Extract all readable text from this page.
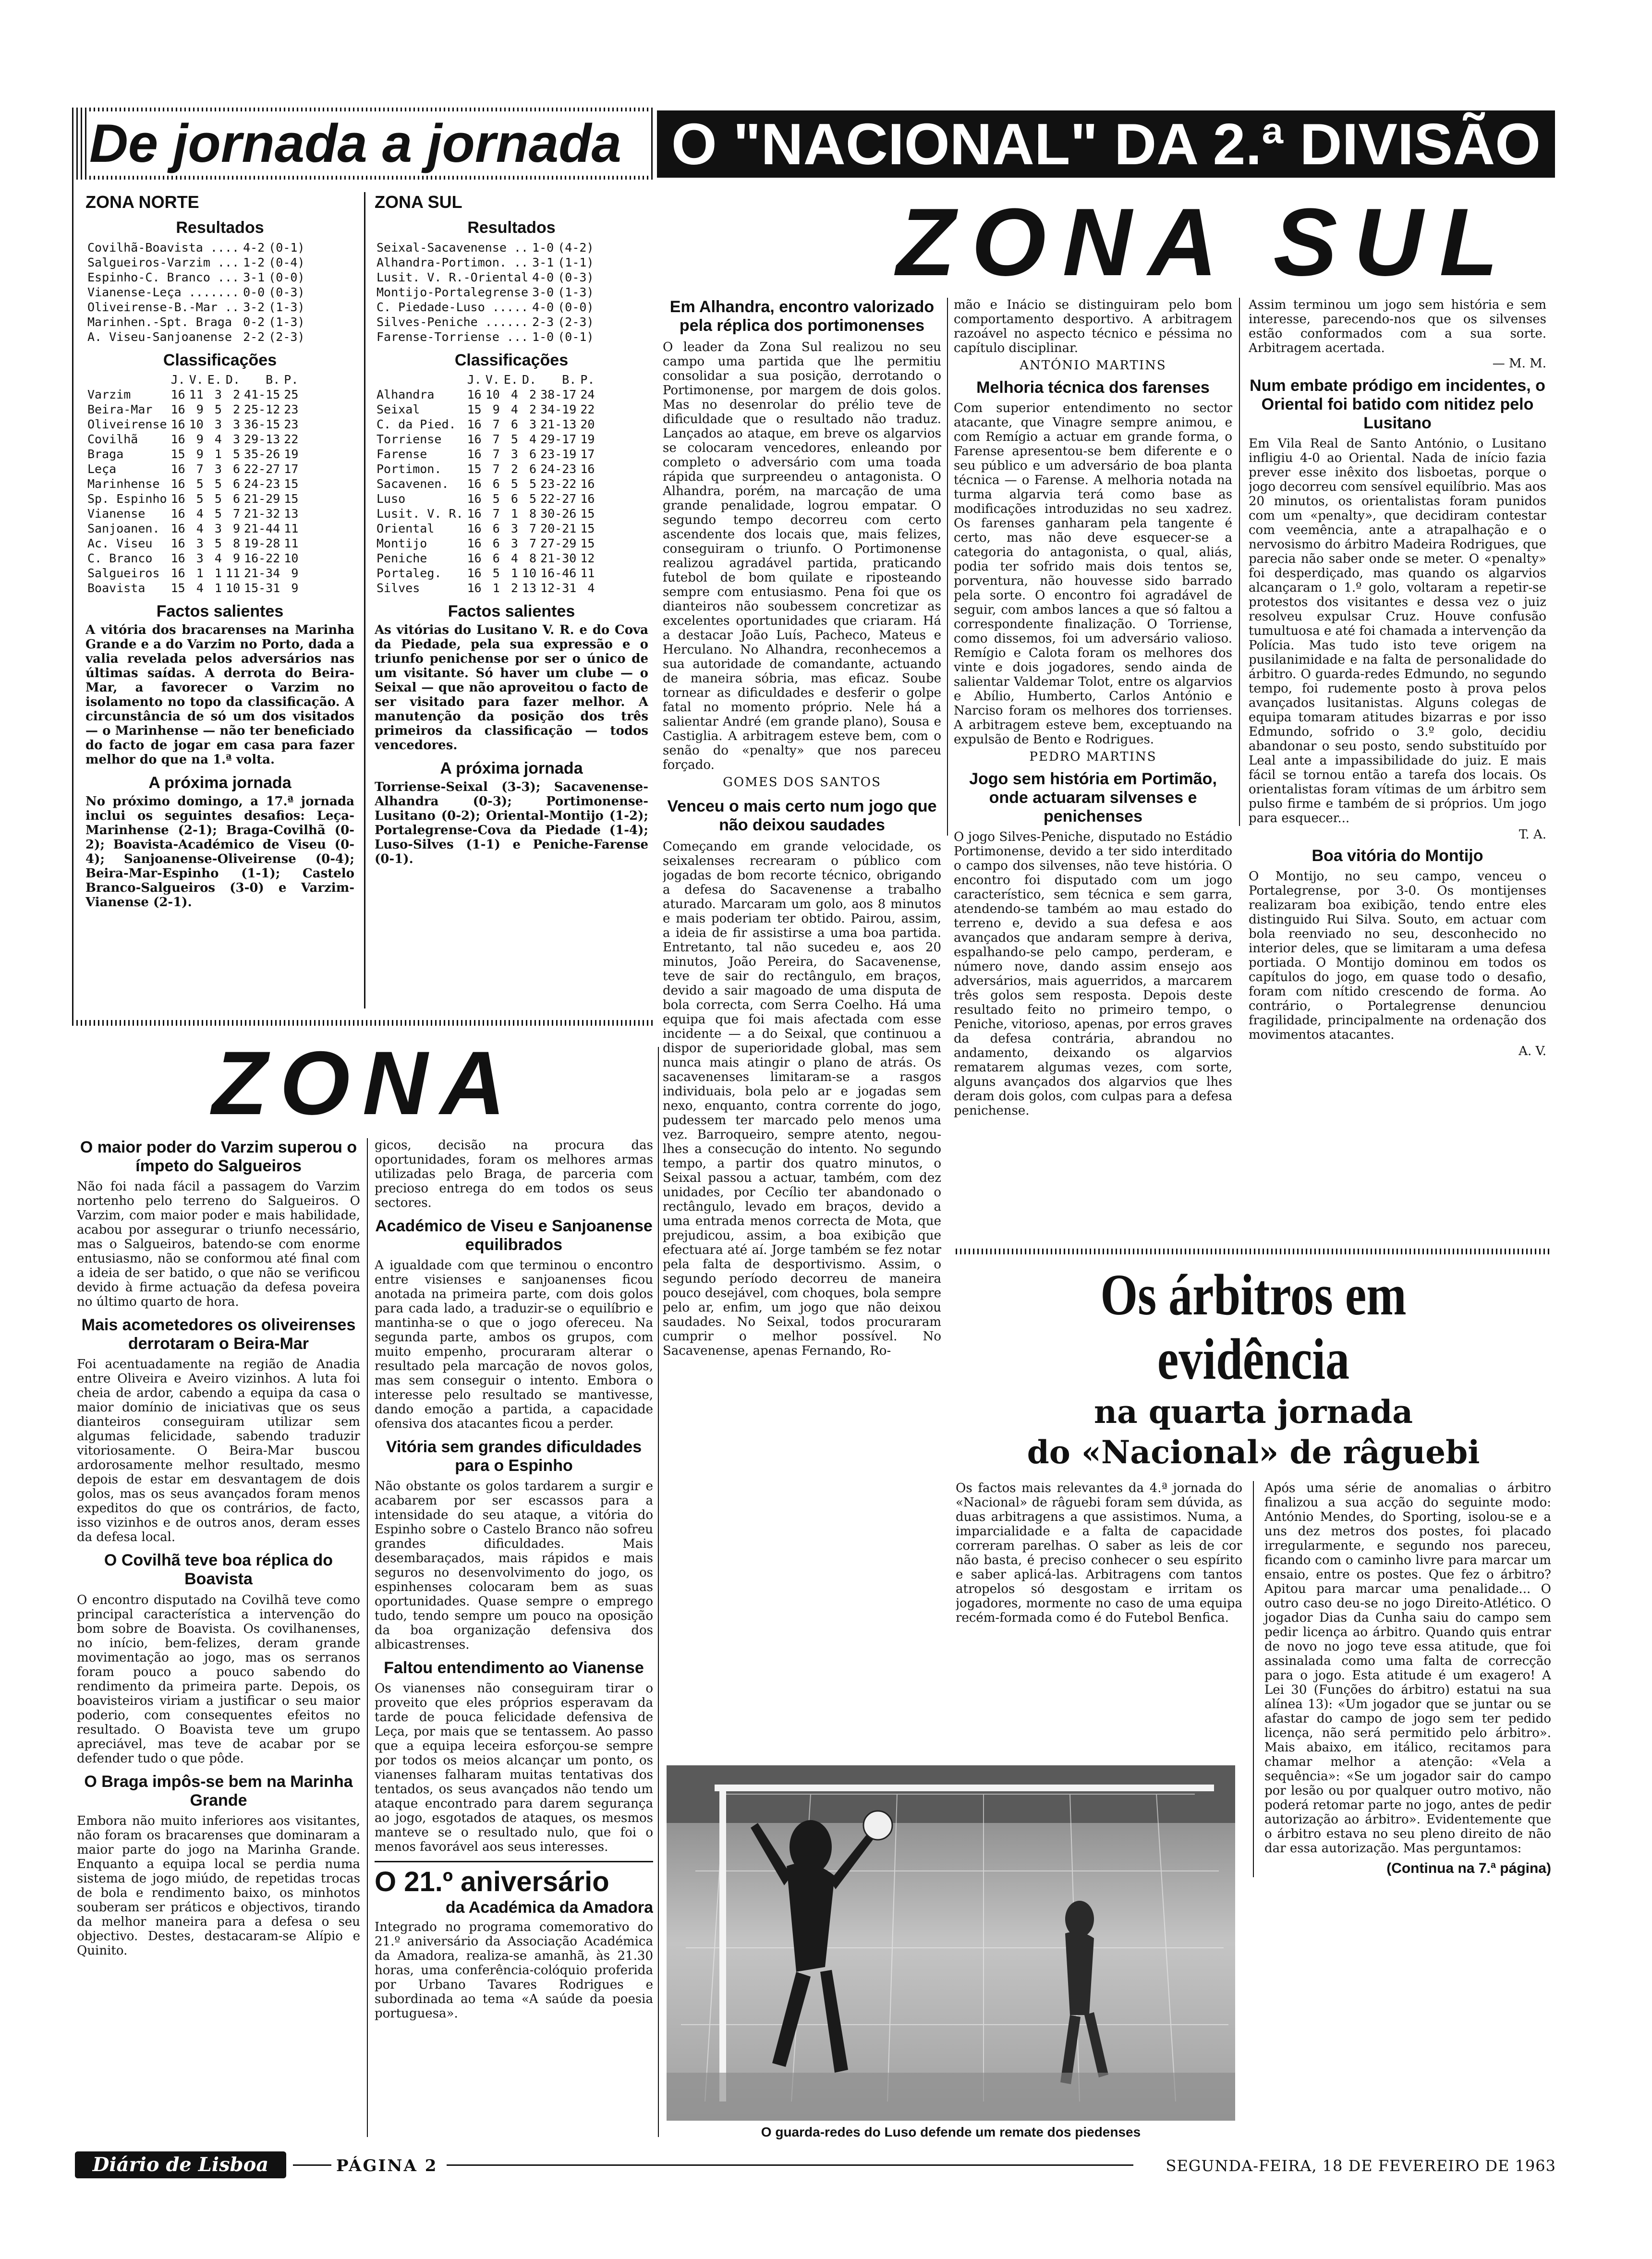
De jornada a jornada O "NACIONAL" DA 2.ª DIVISÃO
ZONA SUL
ZONA NORTE
Resultados
Covilhã-Boavista ....	4-2	(0-1)
Salgueiros-Varzim ...	1-2	(0-4)
Espinho-C. Branco ...	3-1	(0-0)
Vianense-Leça .......	0-0	(0-3)
Oliveirense-B.-Mar ..	3-2	(1-3)
Marinhen.-Spt. Braga	0-2	(1-3)
A. Viseu-Sanjoanense	2-2	(2-3)
Classificações
	J.	V.	E.	D.	B.	P.
Varzim	16	11	3	2	41-15	25
Beira-Mar	16	9	5	2	25-12	23
Oliveirense	16	10	3	3	36-15	23
Covilhã	16	9	4	3	29-13	22
Braga	15	9	1	5	35-26	19
Leça	16	7	3	6	22-27	17
Marinhense	16	5	5	6	24-23	15
Sp. Espinho	16	5	5	6	21-29	15
Vianense	16	4	5	7	21-32	13
Sanjoanen.	16	4	3	9	21-44	11
Ac. Viseu	16	3	5	8	19-28	11
C. Branco	16	3	4	9	16-22	10
Salgueiros	16	1	1	11	21-34	9
Boavista	15	4	1	10	15-31	9
Factos salientes
A vitória dos bracarenses na Marinha Grande e a do Varzim no Porto, dada a valia revelada pelos adversários nas últimas saídas. A derrota do Beira-Mar, a favorecer o Varzim no isolamento no topo da classificação. A circunstância de só um dos visitados — o Marinhense — não ter beneficiado do facto de jogar em casa para fazer melhor do que na 1.ª volta.
A próxima jornada
No próximo domingo, a 17.ª jornada inclui os seguintes desafios: Leça-Marinhense (2-1); Braga-Covilhã (0-2); Boavista-Académico de Viseu (0-4); Sanjoanense-Oliveirense (0-4); Beira-Mar-Espinho (1-1); Castelo Branco-Salgueiros (3-0) e Varzim-Vianense (2-1).
ZONA SUL
Resultados
Seixal-Sacavenense ..	1-0	(4-2)
Alhandra-Portimon. ..	3-1	(1-1)
Lusit. V. R.-Oriental	4-0	(0-3)
Montijo-Portalegrense	3-0	(1-3)
C. Piedade-Luso .....	4-0	(0-0)
Silves-Peniche ......	2-3	(2-3)
Farense-Torriense ...	1-0	(0-1)
Classificações
	J.	V.	E.	D.	B.	P.
Alhandra	16	10	4	2	38-17	24
Seixal	15	9	4	2	34-19	22
C. da Pied.	16	7	6	3	21-13	20
Torriense	16	7	5	4	29-17	19
Farense	16	7	3	6	23-19	17
Portimon.	15	7	2	6	24-23	16
Sacavenen.	16	6	5	5	23-22	16
Luso	16	5	6	5	22-27	16
Lusit. V. R.	16	7	1	8	30-26	15
Oriental	16	6	3	7	20-21	15
Montijo	16	6	3	7	27-29	15
Peniche	16	6	4	8	21-30	12
Portaleg.	16	5	1	10	16-46	11
Silves	16	1	2	13	12-31	4
Factos salientes
As vitórias do Lusitano V. R. e do Cova da Piedade, pela sua expressão e o triunfo penichense por ser o único de um visitante. Só haver um clube — o Seixal — que não aproveitou o facto de ser visitado para fazer melhor. A manutenção da posição dos três primeiros da classificação — todos vencedores.
A próxima jornada
Torriense-Seixal (3-3); Sacavenense-Alhandra (0-3); Portimonense-Lusitano (0-2); Oriental-Montijo (1-2); Portalegrense-Cova da Piedade (1-4); Luso-Silves (1-1) e Peniche-Farense (0-1).
Em Alhandra, encontro valorizado pela réplica dos portimonenses
O leader da Zona Sul realizou no seu campo uma partida que lhe permitiu consolidar a sua posição, derrotando o Portimonense, por margem de dois golos. Mas no desenrolar do prélio teve de dificuldade que o resultado não traduz. Lançados ao ataque, em breve os algarvios se colocaram vencedores, enleando por completo o adversário com uma toada rápida que surpreendeu o antagonista. O Alhandra, porém, na marcação de uma grande penalidade, logrou empatar. O segundo tempo decorreu com certo ascendente dos locais que, mais felizes, conseguiram o triunfo. O Portimonense realizou agradável partida, praticando futebol de bom quilate e riposteando sempre com entusiasmo. Pena foi que os dianteiros não soubessem concretizar as excelentes oportunidades que criaram. Há a destacar João Luís, Pacheco, Mateus e Herculano. No Alhandra, reconhecemos a sua autoridade de comandante, actuando de maneira sóbria, mas eficaz. Soube tornear as dificuldades e desferir o golpe fatal no momento próprio. Nele há a salientar André (em grande plano), Sousa e Castiglia. A arbitragem esteve bem, com o senão do «penalty» que nos pareceu forçado.
GOMES DOS SANTOS
Venceu o mais certo num jogo que não deixou saudades
Começando em grande velocidade, os seixalenses recrearam o público com jogadas de bom recorte técnico, obrigando a defesa do Sacavenense a trabalho aturado. Marcaram um golo, aos 8 minutos e mais poderiam ter obtido. Pairou, assim, a ideia de fir assistirse a uma boa partida. Entretanto, tal não sucedeu e, aos 20 minutos, João Pereira, do Sacavenense, teve de sair do rectângulo, em braços, devido a sair magoado de uma disputa de bola correcta, com Serra Coelho. Há uma equipa que foi mais afectada com esse incidente — a do Seixal, que continuou a dispor de superioridade global, mas sem nunca mais atingir o plano de atrás. Os sacavenenses limitaram-se a rasgos individuais, bola pelo ar e jogadas sem nexo, enquanto, contra corrente do jogo, pudessem ter marcado pelo menos uma vez. Barroqueiro, sempre atento, negou-lhes a consecução do intento. No segundo tempo, a partir dos quatro minutos, o Seixal passou a actuar, também, com dez unidades, por Cecílio ter abandonado o rectângulo, levado em braços, devido a uma entrada menos correcta de Mota, que prejudicou, assim, a boa exibição que efectuara até aí. Jorge também se fez notar pela falta de desportivismo. Assim, o segundo período decorreu de maneira pouco desejável, com choques, bola sempre pelo ar, enfim, um jogo que não deixou saudades. No Seixal, todos procuraram cumprir o melhor possível. No Sacavenense, apenas Fernando, Ro-
mão e Inácio se distinguiram pelo bom comportamento desportivo. A arbitragem razoável no aspecto técnico e péssima no capítulo disciplinar.
ANTÓNIO MARTINS
Melhoria técnica dos farenses
Com superior entendimento no sector atacante, que Vinagre sempre animou, e com Remígio a actuar em grande forma, o Farense apresentou-se bem diferente e o seu público e um adversário de boa planta técnica — o Farense. A melhoria notada na turma algarvia terá como base as modificações introduzidas no seu xadrez. Os farenses ganharam pela tangente é certo, mas não deve esquecer-se a categoria do antagonista, o qual, aliás, podia ter sofrido mais dois tentos se, porventura, não houvesse sido barrado pela sorte. O encontro foi agradável de seguir, com ambos lances a que só faltou a correspondente finalização. O Torriense, como dissemos, foi um adversário valioso. Remígio e Calota foram os melhores dos vinte e dois jogadores, sendo ainda de salientar Valdemar Tolot, entre os algarvios e Abílio, Humberto, Carlos António e Narciso foram os melhores dos torrienses. A arbitragem esteve bem, exceptuando na expulsão de Bento e Rodrigues.
PEDRO MARTINS
Jogo sem história em Portimão, onde actuaram silvenses e penichenses
O jogo Silves-Peniche, disputado no Estádio Portimonense, devido a ter sido interditado o campo dos silvenses, não teve história. O encontro foi disputado com um jogo característico, sem técnica e sem garra, atendendo-se também ao mau estado do terreno e, devido a sua defesa e aos avançados que andaram sempre à deriva, espalhando-se pelo campo, perderam, e número nove, dando assim ensejo aos adversários, mais aguerridos, a marcarem três golos sem resposta. Depois deste resultado feito no primeiro tempo, o Peniche, vitorioso, apenas, por erros graves da defesa contrária, abrandou no andamento, deixando os algarvios rematarem algumas vezes, com sorte, alguns avançados dos algarvios que lhes deram dois golos, com culpas para a defesa penichense.
Assim terminou um jogo sem história e sem interesse, parecendo-nos que os silvenses estão conformados com a sua sorte. Arbitragem acertada.
— M. M.
Num embate pródigo em incidentes, o Oriental foi batido com nitidez pelo Lusitano
Em Vila Real de Santo António, o Lusitano infligiu 4-0 ao Oriental. Nada de início fazia prever esse inêxito dos lisboetas, porque o jogo decorreu com sensível equilíbrio. Mas aos 20 minutos, os orientalistas foram punidos com um «penalty», que decidiram contestar com veemência, ante a atrapalhação e o nervosismo do árbitro Madeira Rodrigues, que parecia não saber onde se meter. O «penalty» foi desperdiçado, mas quando os algarvios alcançaram o 1.º golo, voltaram a repetir-se protestos dos visitantes e dessa vez o juiz resolveu expulsar Cruz. Houve confusão tumultuosa e até foi chamada a intervenção da Polícia. Mas tudo isto teve origem na pusilanimidade e na falta de personalidade do árbitro. O guarda-redes Edmundo, no segundo tempo, foi rudemente posto à prova pelos avançados lusitanistas. Alguns colegas de equipa tomaram atitudes bizarras e por isso Edmundo, sofrido o 3.º golo, decidiu abandonar o seu posto, sendo substituído por Leal ante a impassibilidade do juiz. E mais fácil se tornou então a tarefa dos locais. Os orientalistas foram vítimas de um árbitro sem pulso firme e também de si próprios. Um jogo para esquecer...
T. A.
Boa vitória do Montijo
O Montijo, no seu campo, venceu o Portalegrense, por 3-0. Os montijenses realizaram boa exibição, tendo entre eles distinguido Rui Silva. Souto, em actuar com bola reenviado no seu, desconhecido no interior deles, que se limitaram a uma defesa portiada. O Montijo dominou em todos os capítulos do jogo, em quase todo o desafio, foram com nítido crescendo de forma. Ao contrário, o Portalegrense denunciou fragilidade, principalmente na ordenação dos movimentos atacantes.
A. V.
ZONA
O maior poder do Varzim superou o ímpeto do Salgueiros
Não foi nada fácil a passagem do Varzim nortenho pelo terreno do Salgueiros. O Varzim, com maior poder e mais habilidade, acabou por assegurar o triunfo necessário, mas o Salgueiros, batendo-se com enorme entusiasmo, não se conformou até final com a ideia de ser batido, o que não se verificou devido à firme actuação da defesa poveira no último quarto de hora.
Mais acometedores os oliveirenses derrotaram o Beira-Mar
Foi acentuadamente na região de Anadia entre Oliveira e Aveiro vizinhos. A luta foi cheia de ardor, cabendo a equipa da casa o maior domínio de iniciativas que os seus dianteiros conseguiram utilizar sem algumas felicidade, sabendo traduzir vitoriosamente. O Beira-Mar buscou ardorosamente melhor resultado, mesmo depois de estar em desvantagem de dois golos, mas os seus avançados foram menos expeditos do que os contrários, de facto, isso vizinhos e de outros anos, deram esses da defesa local.
O Covilhã teve boa réplica do Boavista
O encontro disputado na Covilhã teve como principal característica a intervenção do bom sobre de Boavista. Os covilhanenses, no início, bem-felizes, deram grande movimentação ao jogo, mas os serranos foram pouco a pouco sabendo do rendimento da primeira parte. Depois, os boavisteiros viriam a justificar o seu maior poderio, com consequentes efeitos no resultado. O Boavista teve um grupo apreciável, mas teve de acabar por se defender tudo o que pôde.
O Braga impôs-se bem na Marinha Grande
Embora não muito inferiores aos visitantes, não foram os bracarenses que dominaram a maior parte do jogo na Marinha Grande. Enquanto a equipa local se perdia numa sistema de jogo miúdo, de repetidas trocas de bola e rendimento baixo, os minhotos souberam ser práticos e objectivos, tirando da melhor maneira para a defesa o seu objectivo. Destes, destacaram-se Alípio e Quinito.
gicos, decisão na procura das oportunidades, foram os melhores armas utilizadas pelo Braga, de parceria com precioso entrega do em todos os seus sectores.
Académico de Viseu e Sanjoanense equilibrados
A igualdade com que terminou o encontro entre visienses e sanjoanenses ficou anotada na primeira parte, com dois golos para cada lado, a traduzir-se o equilíbrio e mantinha-se o que o jogo ofereceu. Na segunda parte, ambos os grupos, com muito empenho, procuraram alterar o resultado pela marcação de novos golos, mas sem conseguir o intento. Embora o interesse pelo resultado se mantivesse, dando emoção a partida, a capacidade ofensiva dos atacantes ficou a perder.
Vitória sem grandes dificuldades para o Espinho
Não obstante os golos tardarem a surgir e acabarem por ser escassos para a intensidade do seu ataque, a vitória do Espinho sobre o Castelo Branco não sofreu grandes dificuldades. Mais desembaraçados, mais rápidos e mais seguros no desenvolvimento do jogo, os espinhenses colocaram bem as suas oportunidades. Quase sempre o emprego tudo, tendo sempre um pouco na oposição da boa organização defensiva dos albicastrenses.
Faltou entendimento ao Vianense
Os vianenses não conseguiram tirar o proveito que eles próprios esperavam da tarde de pouca felicidade defensiva de Leça, por mais que se tentassem. Ao passo que a equipa leceira esforçou-se sempre por todos os meios alcançar um ponto, os vianenses falharam muitas tentativas dos tentados, os seus avançados não tendo um ataque encontrado para darem segurança ao jogo, esgotados de ataques, os mesmos manteve se o resultado nulo, que foi o menos favorável aos seus interesses.
O 21.º aniversário
da Académica da Amadora
Integrado no programa comemorativo do 21.º aniversário da Associação Académica da Amadora, realiza-se amanhã, às 21.30 horas, uma conferência-colóquio proferida por Urbano Tavares Rodrigues e subordinada ao tema «A saúde da poesia portuguesa».
Os árbitros em evidência
na quarta jornada
do «Nacional» de râguebi
Os factos mais relevantes da 4.ª jornada do «Nacional» de râguebi foram sem dúvida, as duas arbitragens a que assistimos. Numa, a imparcialidade e a falta de capacidade correram parelhas. O saber as leis de cor não basta, é preciso conhecer o seu espírito e saber aplicá-las. Arbitragens com tantos atropelos só desgostam e irritam os jogadores, mormente no caso de uma equipa recém-formada como é do Futebol Benfica.
Após uma série de anomalias o árbitro finalizou a sua acção do seguinte modo: António Mendes, do Sporting, isolou-se e a uns dez metros dos postes, foi placado irregularmente, e segundo nos pareceu, ficando com o caminho livre para marcar um ensaio, entre os postes. Que fez o árbitro? Apitou para marcar uma penalidade... O outro caso deu-se no jogo Direito-Atlético. O jogador Dias da Cunha saiu do campo sem pedir licença ao árbitro. Quando quis entrar de novo no jogo teve essa atitude, que foi assinalada como uma falta de correcção para o jogo. Esta atitude é um exagero! A Lei 30 (Funções do árbitro) estatui na sua alínea 13): «Um jogador que se juntar ou se afastar do campo de jogo sem ter pedido licença, não será permitido pelo árbitro». Mais abaixo, em itálico, recitamos para chamar melhor a atenção: «Vela a sequência»: «Se um jogador sair do campo por lesão ou por qualquer outro motivo, não poderá retomar parte no jogo, antes de pedir autorização ao árbitro». Evidentemente que o árbitro estava no seu pleno direito de não dar essa autorização. Mas perguntamos:
(Continua na 7.ª página)
O guarda-redes do Luso defende um remate dos piedenses
Diário de Lisboa	PÁGINA 2	SEGUNDA-FEIRA, 18 DE FEVEREIRO DE 1963
